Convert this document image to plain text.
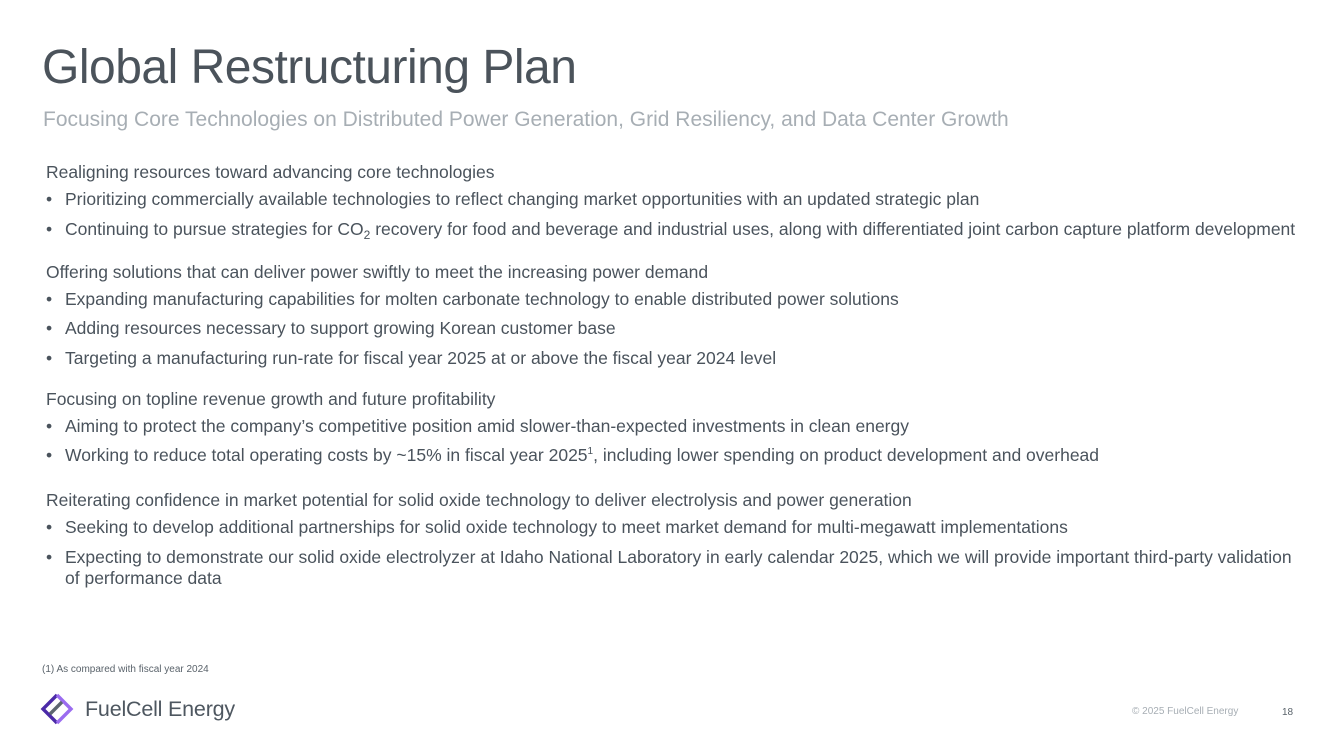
Global Restructuring Plan
Focusing Core Technologies on Distributed Power Generation, Grid Resiliency, and Data Center Growth
Realigning resources toward advancing core technologies
• Prioritizing commercially available technologies to reflect changing market opportunities with an updated strategic plan
• Continuing to pursue strategies for $CO_2$ recovery for food and beverage and industrial uses, along with differentiated joint carbon capture platform development
Offering solutions that can deliver power swiftly to meet the increasing power demand
• Expanding manufacturing capabilities for molten carbonate technology to enable distributed power solutions
• Adding resources necessary to support growing Korean customer base
• Targeting a manufacturing run-rate for fiscal year 2025 at or above the fiscal year 2024 level
Focusing on topline revenue growth and future profitability
• Aiming to protect the company’s competitive position amid slower-than-expected investments in clean energy
• Working to reduce total operating costs by ~15% in fiscal year 2025$^1$, including lower spending on product development and overhead
Reiterating confidence in market potential for solid oxide technology to deliver electrolysis and power generation
• Seeking to develop additional partnerships for solid oxide technology to meet market demand for multi-megawatt implementations
• Expecting to demonstrate our solid oxide electrolyzer at Idaho National Laboratory in early calendar 2025, which we will provide important third-party validation of performance data
(1) As compared with fiscal year 2024
FuelCell Energy	© 2025 FuelCell Energy	18
